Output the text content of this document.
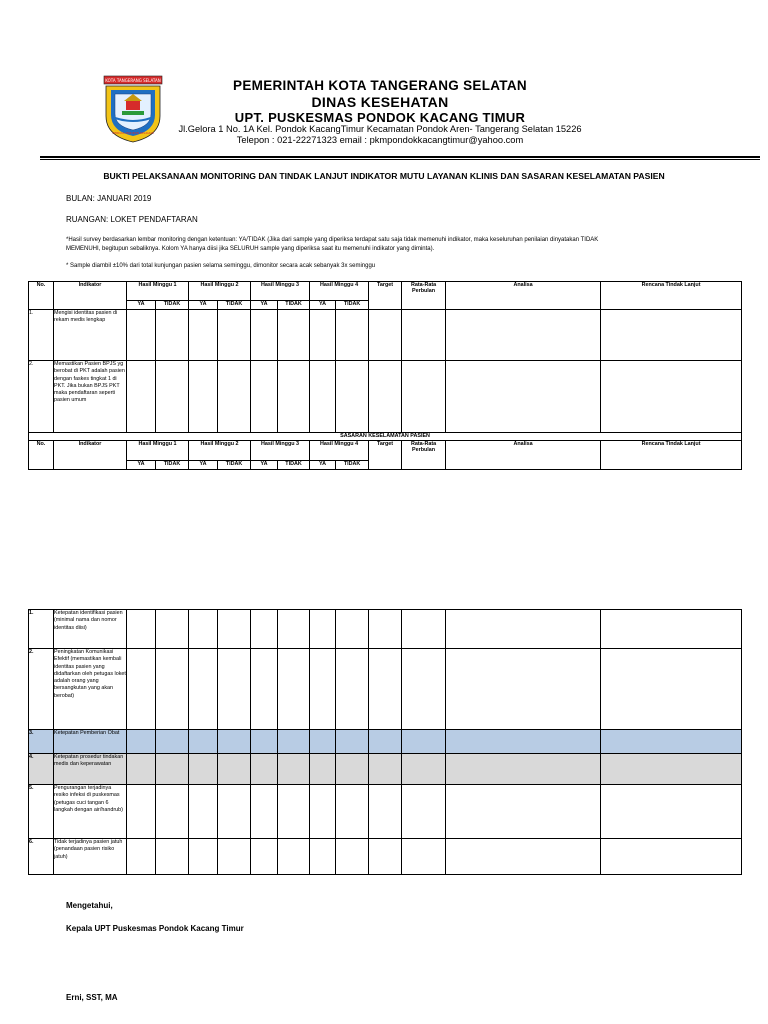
KOTA TANGERANG SELATAN
CERDAS MODERN RELIGIUS
PEMERINTAH KOTA TANGERANG SELATAN
DINAS KESEHATAN
UPT. PUSKESMAS PONDOK KACANG TIMUR
Jl.Gelora 1 No. 1A Kel. Pondok KacangTimur Kecamatan Pondok Aren- Tangerang Selatan 15226
Telepon : 021-22271323 email : pkmpondokkacangtimur@yahoo.com
BUKTI PELAKSANAAN MONITORING DAN TINDAK LANJUT INDIKATOR MUTU LAYANAN KLINIS DAN SASARAN KESELAMATAN PASIEN
BULAN: JANUARI 2019
RUANGAN: LOKET PENDAFTARAN
*Hasil survey berdasarkan lembar monitoring dengan ketentuan: YA/TIDAK (Jika dari sample yang diperiksa terdapat satu saja tidak memenuhi indikator, maka keseluruhan penilaian dinyatakan TIDAK
MEMENUHI, begitupun sebaliknya. Kolom YA hanya diisi jika SELURUH sample yang diperiksa saat itu memenuhi indikator yang diminta).
* Sample diambil ±10% dari total kunjungan pasien selama seminggu, dimonitor secara acak sebanyak 3x seminggu
No.	Indikator	Hasil Minggu 1		Hasil Minggu 2		Hasil Minggu 3		Hasil Minggu 4		Target	Rata-Rata Perbulan	Analisa	Rencana Tindak Lanjut
		YA	TIDAK	YA	TIDAK	YA	TIDAK	YA	TIDAK				
1.	Mengisi identitas pasien di rekam medis lengkap												
2.	Memastikan Pasien BPJS yg berobat di PKT adalah pasien dengan faskes tingkat 1 di PKT. Jika bukan BPJS PKT maka pendaftaran seperti pasien umum												
SASARAN KESELAMATAN PASIEN													
No.	Indikator	Hasil Minggu 1		Hasil Minggu 2		Hasil Minggu 3		Hasil Minggu 4		Target	Rata-Rata Perbulan	Analisa	Rencana Tindak Lanjut
		YA	TIDAK	YA	TIDAK	YA	TIDAK	YA	TIDAK				
1.	Ketepatan identifikasi pasien (minimal nama dan nomor identitas diisi)												
2.	Peningkatan Komunikasi Efektif (memastikan kembali identitas pasien yang didaftarkan oleh petugas loket adalah orang yang bersangkutan yang akan berobat)												
3.	Ketepatan Pemberian Obat												
4.	Ketepatan prosedur tindakan medis dan keperawatan												
5.	Pengurangan terjadinya resiko infeksi di puskesmas (petugas cuci tangan 6 langkah dengan air/handrub)												
6.	Tidak terjadinya pasien jatuh (penandaan pasien risiko jatuh)												
Mengetahui,
Kepala UPT Puskesmas Pondok Kacang Timur
Erni, SST, MA
